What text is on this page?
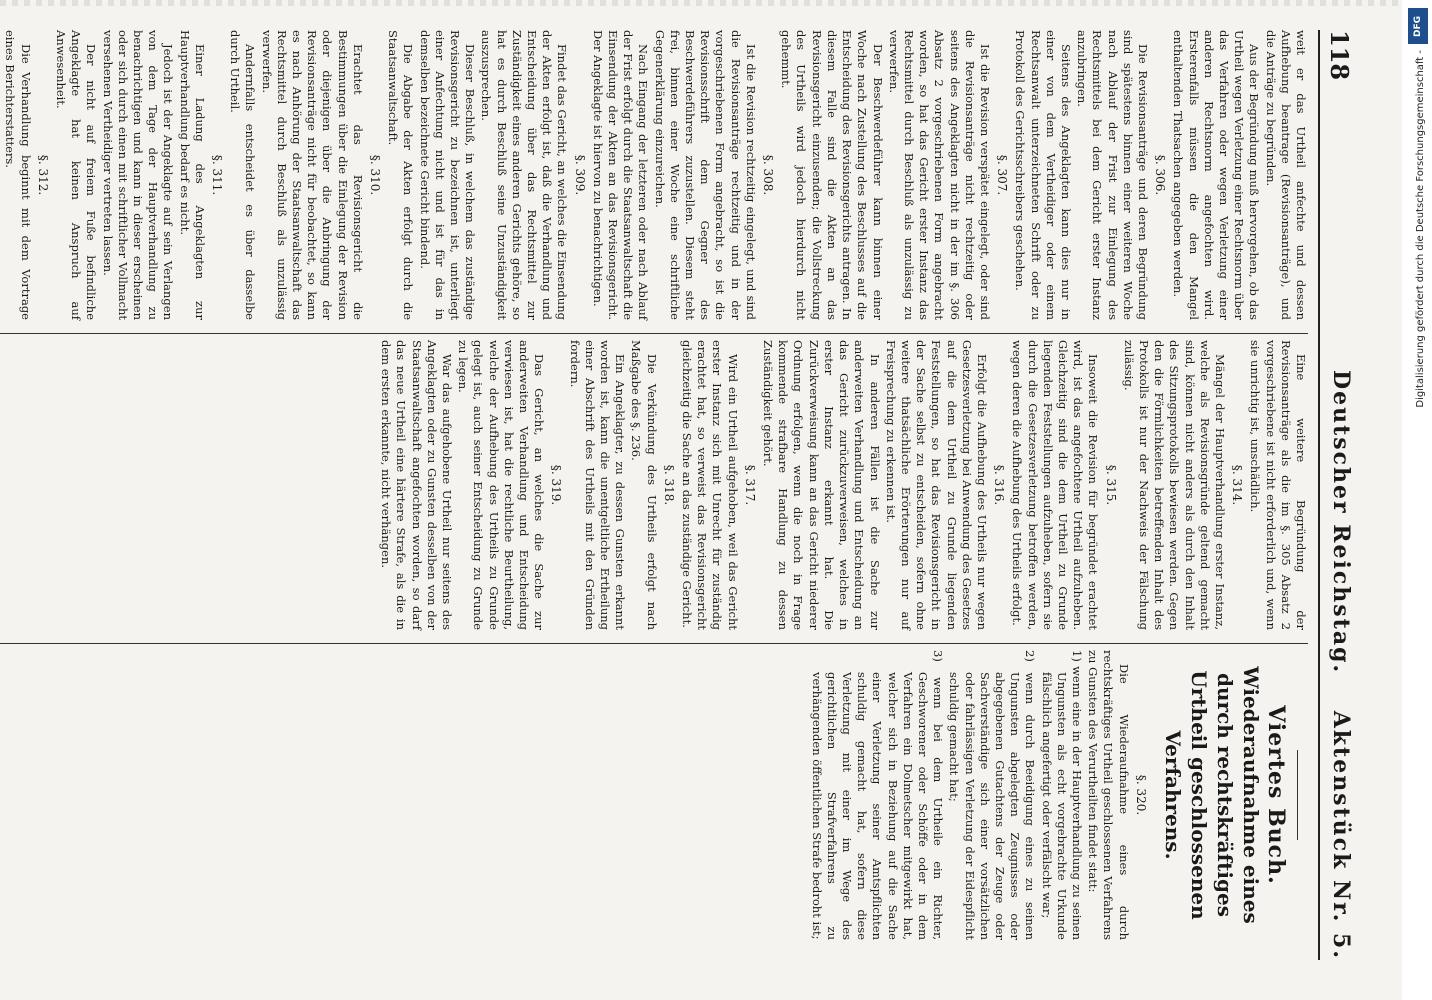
118
Deutscher Reichstag.
Aktenstück Nr. 5.

weit er das Urtheil anfechte und dessen Aufhebung beantrage (Revisionsanträge), und die Anträge zu begründen.

Aus der Begründung muß hervorgehen, ob das Urtheil wegen Verletzung einer Rechtsnorm über das Verfahren oder wegen Verletzung einer anderen Rechtsnorm angefochten wird. Ersterenfalls müssen die den Mangel enthaltenden Thatsachen angegeben werden.

§. 306.

Die Revisionsanträge und deren Begründung sind spätestens binnen einer weiteren Woche nach Ablauf der Frist zur Einlegung des Rechtsmittels bei dem Gericht erster Instanz anzubringen.

Seitens des Angeklagten kann dies nur in einer von dem Vertheidiger oder einem Rechtsanwalt unterzeichneten Schrift oder zu Protokoll des Gerichtsschreibers geschehen.

§. 307.

Ist die Revision verspätet eingelegt, oder sind die Revisionsanträge nicht rechtzeitig oder seitens des Angeklagten nicht in der im §. 306 Absatz 2 vorgeschriebenen Form angebracht worden, so hat das Gericht erster Instanz das Rechtsmittel durch Beschluß als unzulässig zu verwerfen.

Der Beschwerdeführer kann binnen einer Woche nach Zustellung des Beschlusses auf die Entscheidung des Revisionsgerichts antragen. In diesem Falle sind die Akten an das Revisionsgericht einzusenden; die Vollstreckung des Urtheils wird jedoch hierdurch nicht gehemmt.

§. 308.

Ist die Revision rechtzeitig eingelegt, und sind die Revisionsanträge rechtzeitig und in der vorgeschriebenen Form angebracht, so ist die Revisionsschrift dem Gegner des Beschwerdeführers zuzustellen. Diesem steht frei, binnen einer Woche eine schriftliche Gegenerklärung einzureichen.

Nach Eingang der letzteren oder nach Ablauf der Frist erfolgt durch die Staatsanwaltschaft die Einsendung der Akten an das Revisionsgericht. Der Angeklagte ist hiervon zu benachrichtigen.

§. 309.

Findet das Gericht, an welches die Einsendung der Akten erfolgt ist, daß die Verhandlung und Entscheidung über das Rechtsmittel zur Zuständigkeit eines anderen Gerichts gehöre, so hat es durch Beschluß seine Unzuständigkeit auszusprechen.

Dieser Beschluß, in welchem das zuständige Revisionsgericht zu bezeichnen ist, unterliegt einer Anfechtung nicht und ist für das in demselben bezeichnete Gericht bindend.

Die Abgabe der Akten erfolgt durch die Staatsanwaltschaft.

§. 310.

Erachtet das Revisionsgericht die Bestimmungen über die Einlegung der Revision oder diejenigen über die Anbringung der Revisionsanträge nicht für beobachtet, so kann es nach Anhörung der Staatsanwaltschaft das Rechtsmittel durch Beschluß als unzulässig verwerfen.

Andernfalls entscheidet es über dasselbe durch Urtheil.

§. 311.

Einer Ladung des Angeklagten zur Hauptverhandlung bedarf es nicht.

Jedoch ist der Angeklagte auf sein Verlangen von dem Tage der Hauptverhandlung zu benachrichtigen und kann in dieser erscheinen oder sich durch einen mit schriftlicher Vollmacht versehenen Vertheidiger vertreten lassen.

Der nicht auf freiem Fuße befindliche Angeklagte hat keinen Anspruch auf Anwesenheit.

§. 312.

Die Verhandlung beginnt mit dem Vortrage eines Berichterstatters.

Eine weitere Begründung der Revisionsanträge als die im §. 305 Absatz 2 vorgeschriebene ist nicht erforderlich und, wenn sie unrichtig ist, unschädlich.

§. 314.

Mängel der Hauptverhandlung erster Instanz, welche als Revisionsgründe geltend gemacht sind, können nicht anders als durch den Inhalt des Sitzungsprotokolls bewiesen werden. Gegen den die Förmlichkeiten betreffenden Inhalt des Protokolls ist nur der Nachweis der Fälschung zulässig.

§. 315.

Insoweit die Revision für begründet erachtet wird, ist das angefochtene Urtheil aufzuheben. Gleichzeitig sind die dem Urtheil zu Grunde liegenden Feststellungen aufzuheben, sofern sie durch die Gesetzesverletzung betroffen werden, wegen deren die Aufhebung des Urtheils erfolgt.

§. 316.

Erfolgt die Aufhebung des Urtheils nur wegen Gesetzesverletzung bei Anwendung des Gesetzes auf die dem Urtheil zu Grunde liegenden Feststellungen, so hat das Revisionsgericht in der Sache selbst zu entscheiden, sofern ohne weitere thatsächliche Erörterungen nur auf Freisprechung zu erkennen ist.

In anderen Fällen ist die Sache zur anderweiten Verhandlung und Entscheidung an das Gericht zurückzuverweisen, welches in erster Instanz erkannt hat. Die Zurückverweisung kann an das Gericht niederer Ordnung erfolgen, wenn die noch in Frage kommende strafbare Handlung zu dessen Zuständigkeit gehört.

§. 317.

Wird ein Urtheil aufgehoben, weil das Gericht erster Instanz sich mit Unrecht für zuständig erachtet hat, so verweist das Revisionsgericht gleichzeitig die Sache an das zuständige Gericht.

§. 318.

Die Verkündung des Urtheils erfolgt nach Maßgabe des §. 236.

Ein Angeklagter, zu dessen Gunsten erkannt worden ist, kann die unentgeltliche Ertheilung einer Abschrift des Urtheils mit den Gründen fordern.

§. 319.

Das Gericht, an welches die Sache zur anderweiten Verhandlung und Entscheidung verwiesen ist, hat die rechtliche Beurtheilung, welche der Aufhebung des Urtheils zu Grunde gelegt ist, auch seiner Entscheidung zu Grunde zu legen.

War das aufgehobene Urtheil nur seitens des Angeklagten oder zu Gunsten desselben von der Staatsanwaltschaft angefochten worden, so darf das neue Urtheil eine härtere Strafe, als die in dem ersten erkannte, nicht verhängen.

Viertes Buch.
Wiederaufnahme eines durch rechtskräftiges Urtheil geschlossenen Verfahrens.
§. 320.

Die Wiederaufnahme eines durch rechtskräftiges Urtheil geschlossenen Verfahrens zu Gunsten des Verurtheilten findet statt:

1) wenn eine in der Hauptverhandlung zu seinen Ungunsten als echt vorgebrachte Urkunde fälschlich angefertigt oder verfälscht war;

2) wenn durch Beeidigung eines zu seinen Ungunsten abgelegten Zeugnisses oder abgegebenen Gutachtens der Zeuge oder Sachverständige sich einer vorsätzlichen oder fahrlässigen Verletzung der Eidespflicht schuldig gemacht hat;

3) wenn bei dem Urtheile ein Richter, Geschworener oder Schöffe oder in dem Verfahren ein Dolmetscher mitgewirkt hat, welcher sich in Beziehung auf die Sache einer Verletzung seiner Amtspflichten schuldig gemacht hat, sofern diese Verletzung mit einer im Wege des gerichtlichen Strafverfahrens zu verhängenden öffentlichen Strafe bedroht ist;

DFG
Digitalisierung gefördert durch die Deutsche Forschungsgemeinschaft -
